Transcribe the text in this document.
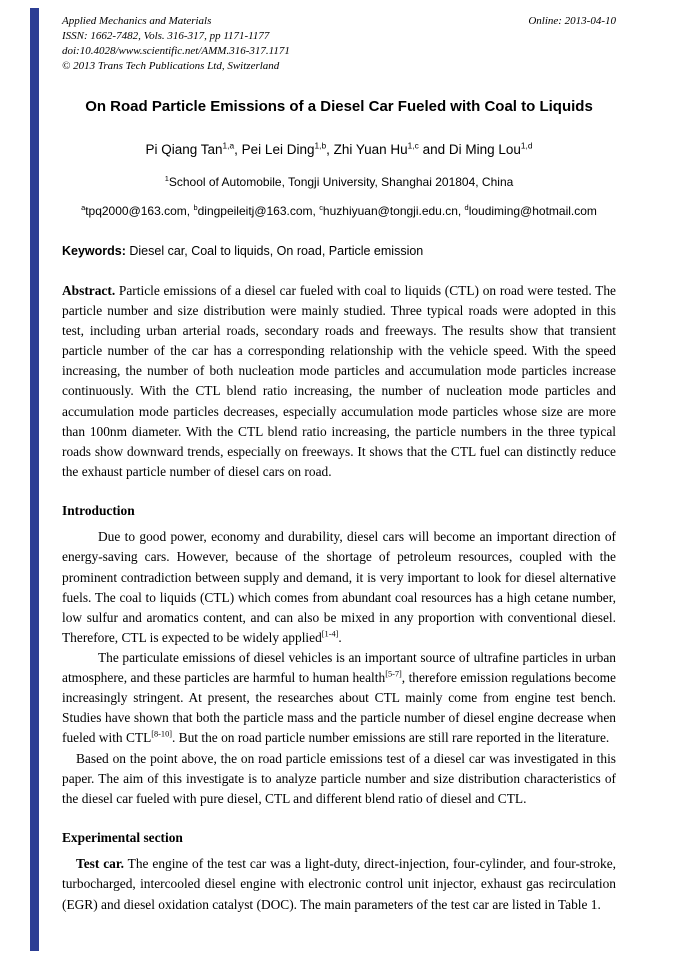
Applied Mechanics and Materials	Online: 2013-04-10
ISSN: 1662-7482, Vols. 316-317, pp 1171-1177
doi:10.4028/www.scientific.net/AMM.316-317.1171
© 2013 Trans Tech Publications Ltd, Switzerland
On Road Particle Emissions of a Diesel Car Fueled with Coal to Liquids

Pi Qiang Tan$^{1,a}$, Pei Lei Ding$^{1,b}$, Zhi Yuan Hu$^{1,c}$ and Di Ming Lou$^{1,d}$

$^1$School of Automobile, Tongji University, Shanghai 201804, China

$^a$tpq2000@163.com, $^b$dingpeileitj@163.com, $^c$huzhiyuan@tongji.edu.cn, $^d$loudiming@hotmail.com

Keywords: Diesel car, Coal to liquids, On road, Particle emission

Abstract. Particle emissions of a diesel car fueled with coal to liquids (CTL) on road were tested. The particle number and size distribution were mainly studied. Three typical roads were adopted in this test, including urban arterial roads, secondary roads and freeways. The results show that transient particle number of the car has a corresponding relationship with the vehicle speed. With the speed increasing, the number of both nucleation mode particles and accumulation mode particles increase continuously. With the CTL blend ratio increasing, the number of nucleation mode particles and accumulation mode particles decreases, especially accumulation mode particles whose size are more than 100nm diameter. With the CTL blend ratio increasing, the particle numbers in the three typical roads show downward trends, especially on freeways. It shows that the CTL fuel can distinctly reduce the exhaust particle number of diesel cars on road.

Introduction

Due to good power, economy and durability, diesel cars will become an important direction of energy-saving cars. However, because of the shortage of petroleum resources, coupled with the prominent contradiction between supply and demand, it is very important to look for diesel alternative fuels. The coal to liquids (CTL) which comes from abundant coal resources has a high cetane number, low sulfur and aromatics content, and can also be mixed in any proportion with conventional diesel. Therefore, CTL is expected to be widely applied[1-4].

The particulate emissions of diesel vehicles is an important source of ultrafine particles in urban atmosphere, and these particles are harmful to human health[5-7], therefore emission regulations become increasingly stringent. At present, the researches about CTL mainly come from engine test bench. Studies have shown that both the particle mass and the particle number of diesel engine decrease when fueled with CTL[8-10]. But the on road particle number emissions are still rare reported in the literature.

Based on the point above, the on road particle emissions test of a diesel car was investigated in this paper. The aim of this investigate is to analyze particle number and size distribution characteristics of the diesel car fueled with pure diesel, CTL and different blend ratio of diesel and CTL.

Experimental section

Test car. The engine of the test car was a light-duty, direct-injection, four-cylinder, and four-stroke, turbocharged, intercooled diesel engine with electronic control unit injector, exhaust gas recirculation (EGR) and diesel oxidation catalyst (DOC). The main parameters of the test car are listed in Table 1.
